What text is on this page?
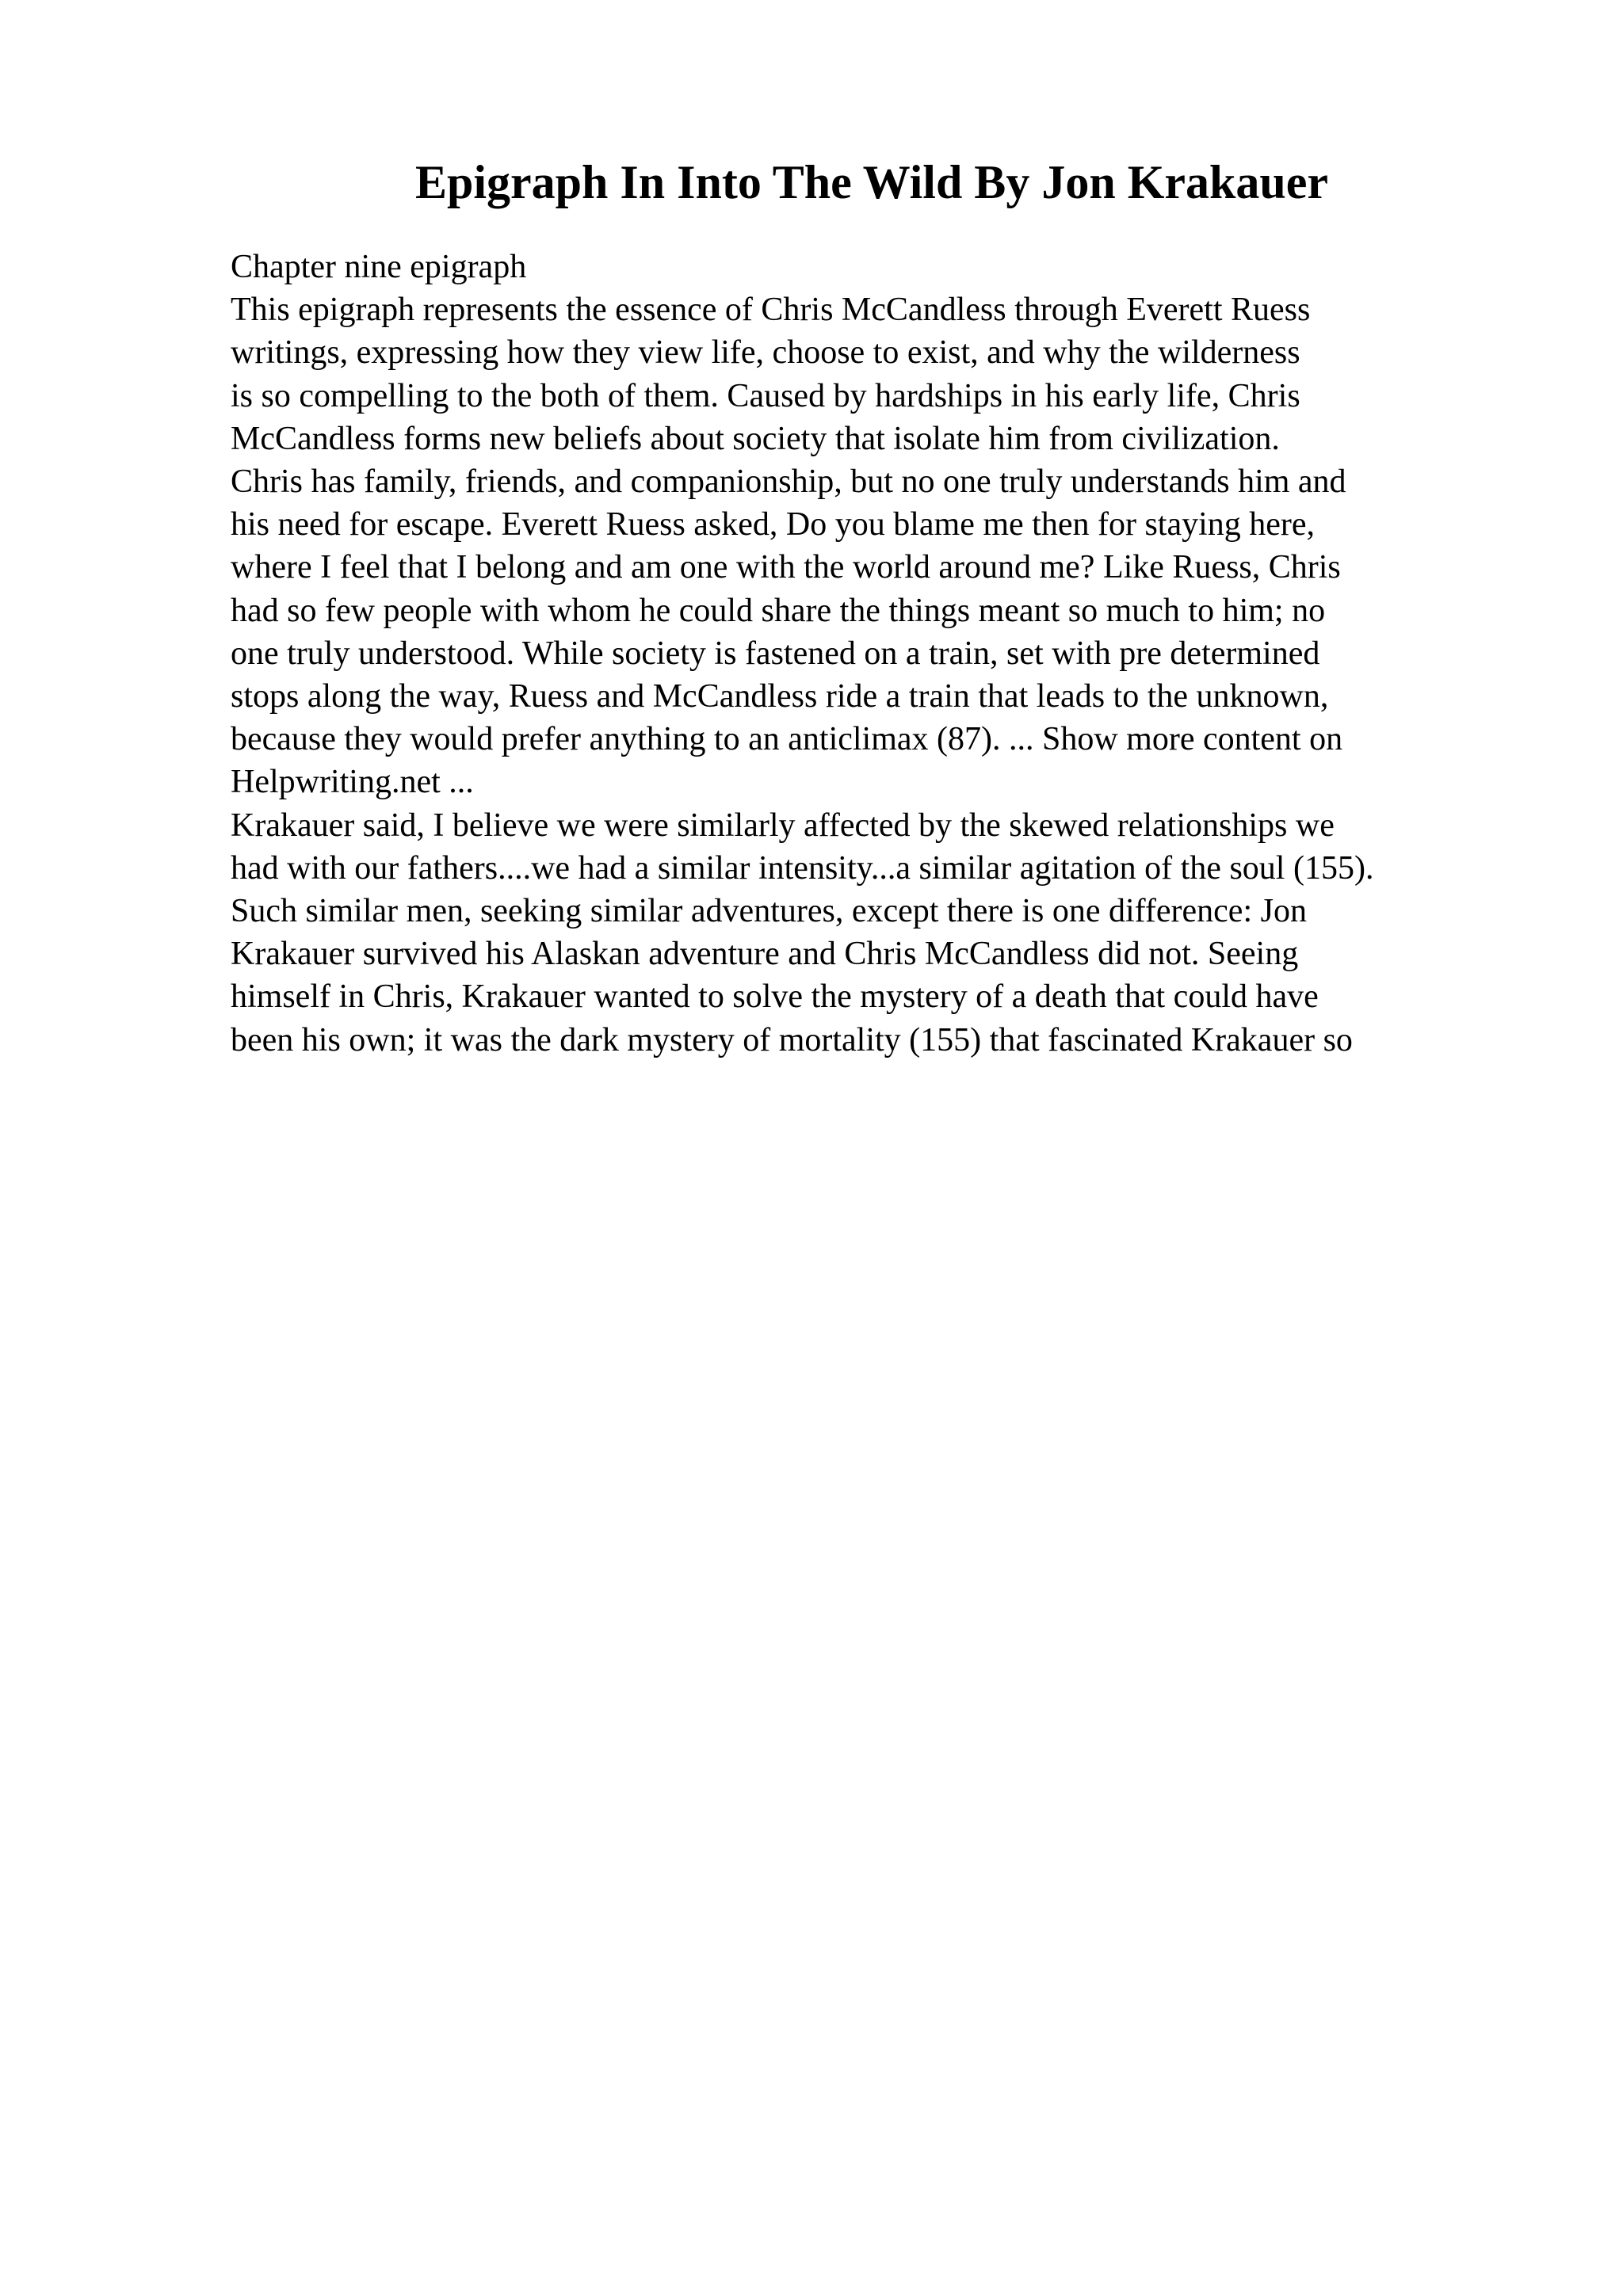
Epigraph In Into The Wild By Jon Krakauer
Chapter nine epigraph
This epigraph represents the essence of Chris McCandless through Everett Ruess
writings, expressing how they view life, choose to exist, and why the wilderness
is so compelling to the both of them. Caused by hardships in his early life, Chris
McCandless forms new beliefs about society that isolate him from civilization.
Chris has family, friends, and companionship, but no one truly understands him and
his need for escape. Everett Ruess asked, Do you blame me then for staying here,
where I feel that I belong and am one with the world around me? Like Ruess, Chris
had so few people with whom he could share the things meant so much to him; no
one truly understood. While society is fastened on a train, set with pre determined
stops along the way, Ruess and McCandless ride a train that leads to the unknown,
because they would prefer anything to an anticlimax (87). ... Show more content on
Helpwriting.net ...
Krakauer said, I believe we were similarly affected by the skewed relationships we
had with our fathers....we had a similar intensity...a similar agitation of the soul (155).
Such similar men, seeking similar adventures, except there is one difference: Jon
Krakauer survived his Alaskan adventure and Chris McCandless did not. Seeing
himself in Chris, Krakauer wanted to solve the mystery of a death that could have
been his own; it was the dark mystery of mortality (155) that fascinated Krakauer so
